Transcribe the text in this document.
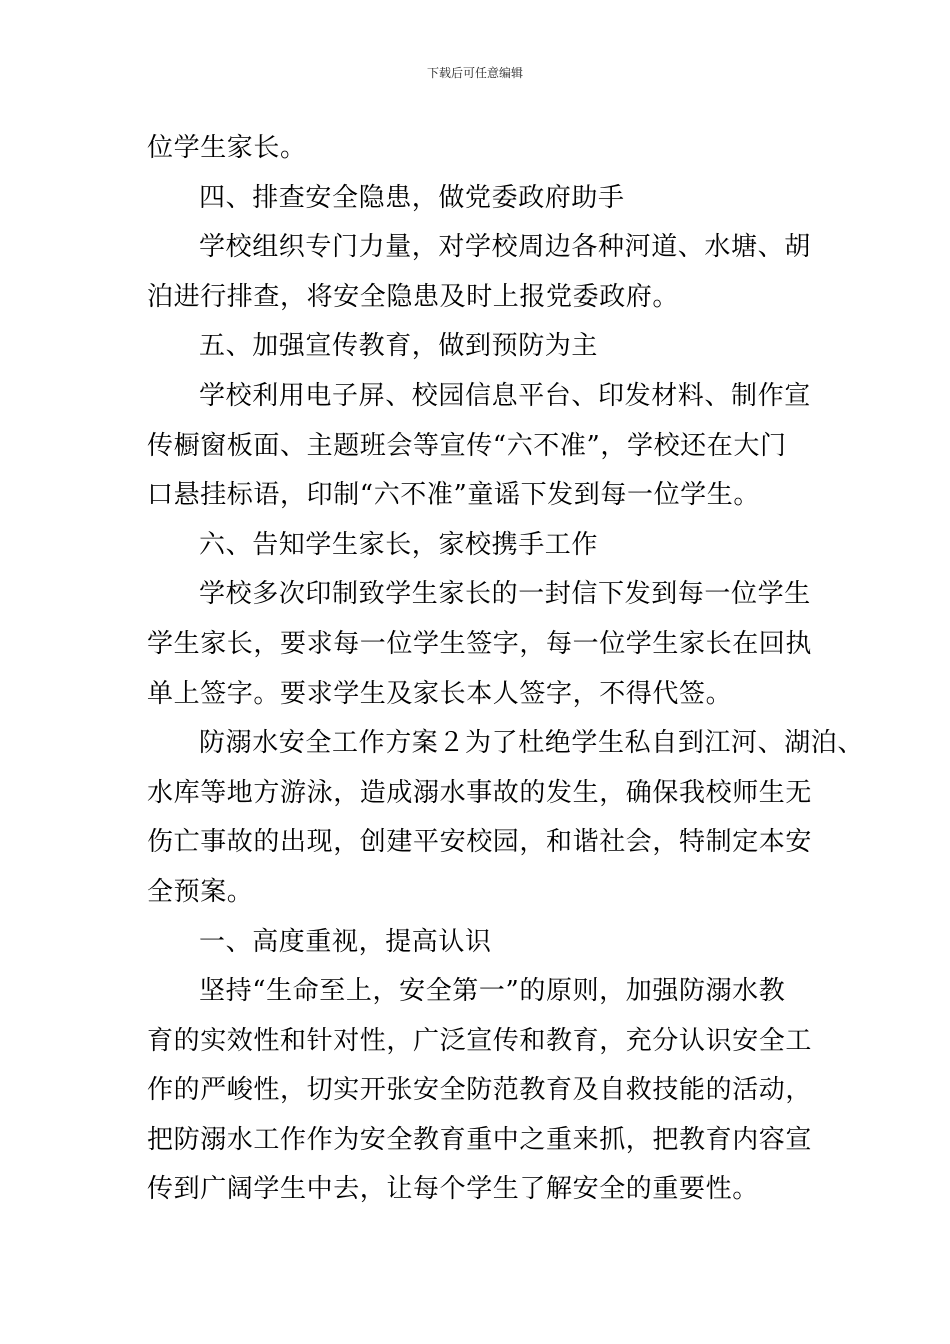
下载后可任意编辑
位学生家长。
四、排查安全隐患，做党委政府助手
学校组织专门力量，对学校周边各种河道、水塘、胡
泊进行排查，将安全隐患及时上报党委政府。
五、加强宣传教育，做到预防为主
学校利用电子屏、校园信息平台、印发材料、制作宣
传橱窗板面、主题班会等宣传“六不准”，学校还在大门
口悬挂标语，印制“六不准”童谣下发到每一位学生。
六、告知学生家长，家校携手工作
学校多次印制致学生家长的一封信下发到每一位学生
学生家长，要求每一位学生签字，每一位学生家长在回执
单上签字。要求学生及家长本人签字，不得代签。
防溺水安全工作方案２为了杜绝学生私自到江河、湖泊、
水库等地方游泳，造成溺水事故的发生，确保我校师生无
伤亡事故的出现，创建平安校园，和谐社会，特制定本安
全预案。
一、高度重视，提高认识
坚持“生命至上，安全第一”的原则，加强防溺水教
育的实效性和针对性，广泛宣传和教育，充分认识安全工
作的严峻性，切实开张安全防范教育及自救技能的活动，
把防溺水工作作为安全教育重中之重来抓，把教育内容宣
传到广阔学生中去，让每个学生了解安全的重要性。
